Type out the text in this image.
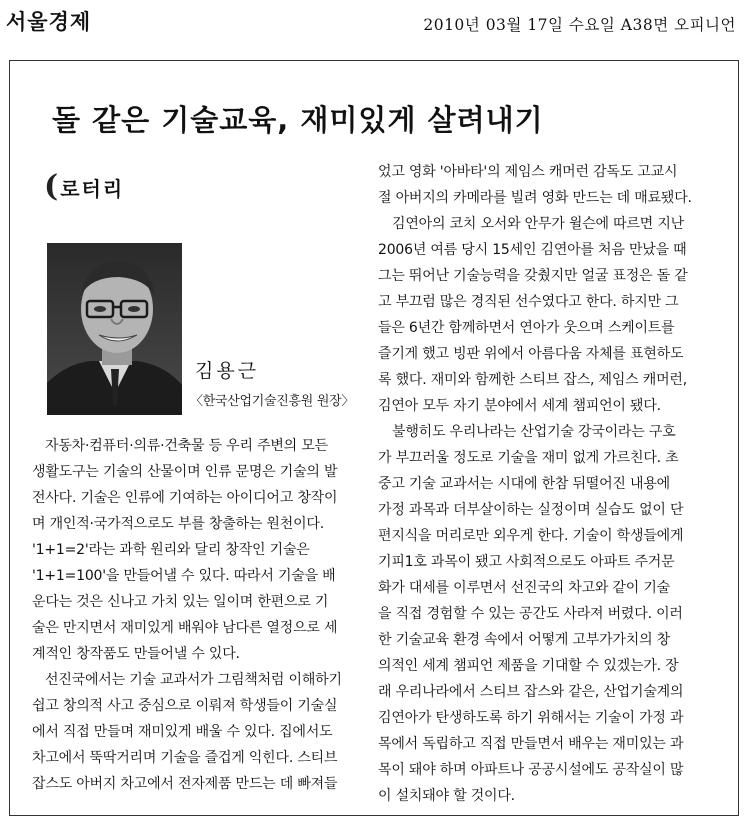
서울경제	2010년 03월 17일 수요일 A38면 오피니언
돌 같은 기술교육, 재미있게 살려내기
( 로터리
김용근
〈한국산업기술진흥원 원장〉
자동차·컴퓨터·의류·건축물 등 우리 주변의 모든
생활도구는 기술의 산물이며 인류 문명은 기술의 발
전사다. 기술은 인류에 기여하는 아이디어고 창작이
며 개인적·국가적으로도 부를 창출하는 원천이다.
'1+1=2'라는 과학 원리와 달리 창작인 기술은
'1+1=100'을 만들어낼 수 있다. 따라서 기술을 배
운다는 것은 신나고 가치 있는 일이며 한편으로 기
술은 만지면서 재미있게 배워야 남다른 열정으로 세
계적인 창작품도 만들어낼 수 있다.
선진국에서는 기술 교과서가 그림책처럼 이해하기
쉽고 창의적 사고 중심으로 이뤄져 학생들이 기술실
에서 직접 만들며 재미있게 배울 수 있다. 집에서도
차고에서 뚝딱거리며 기술을 즐겁게 익힌다. 스티브
잡스도 아버지 차고에서 전자제품 만드는 데 빠져들
었고 영화 '아바타'의 제임스 캐머런 감독도 고교시
절 아버지의 카메라를 빌려 영화 만드는 데 매료됐다.
김연아의 코치 오서와 안무가 윌슨에 따르면 지난
2006년 여름 당시 15세인 김연아를 처음 만났을 때
그는 뛰어난 기술능력을 갖췄지만 얼굴 표정은 돌 같
고 부끄럼 많은 경직된 선수였다고 한다. 하지만 그
들은 6년간 함께하면서 연아가 웃으며 스케이트를
즐기게 했고 빙판 위에서 아름다움 자체를 표현하도
록 했다. 재미와 함께한 스티브 잡스, 제임스 캐머런,
김연아 모두 자기 분야에서 세계 챔피언이 됐다.
불행히도 우리나라는 산업기술 강국이라는 구호
가 부끄러울 정도로 기술을 재미 없게 가르친다. 초
중고 기술 교과서는 시대에 한참 뒤떨어진 내용에
가정 과목과 더부살이하는 실정이며 실습도 없이 단
편지식을 머리로만 외우게 한다. 기술이 학생들에게
기피1호 과목이 됐고 사회적으로도 아파트 주거문
화가 대세를 이루면서 선진국의 차고와 같이 기술
을 직접 경험할 수 있는 공간도 사라져 버렸다. 이러
한 기술교육 환경 속에서 어떻게 고부가가치의 창
의적인 세계 챔피언 제품을 기대할 수 있겠는가. 장
래 우리나라에서 스티브 잡스와 같은, 산업기술계의
김연아가 탄생하도록 하기 위해서는 기술이 가정 과
목에서 독립하고 직접 만들면서 배우는 재미있는 과
목이 돼야 하며 아파트나 공공시설에도 공작실이 많
이 설치돼야 할 것이다.
